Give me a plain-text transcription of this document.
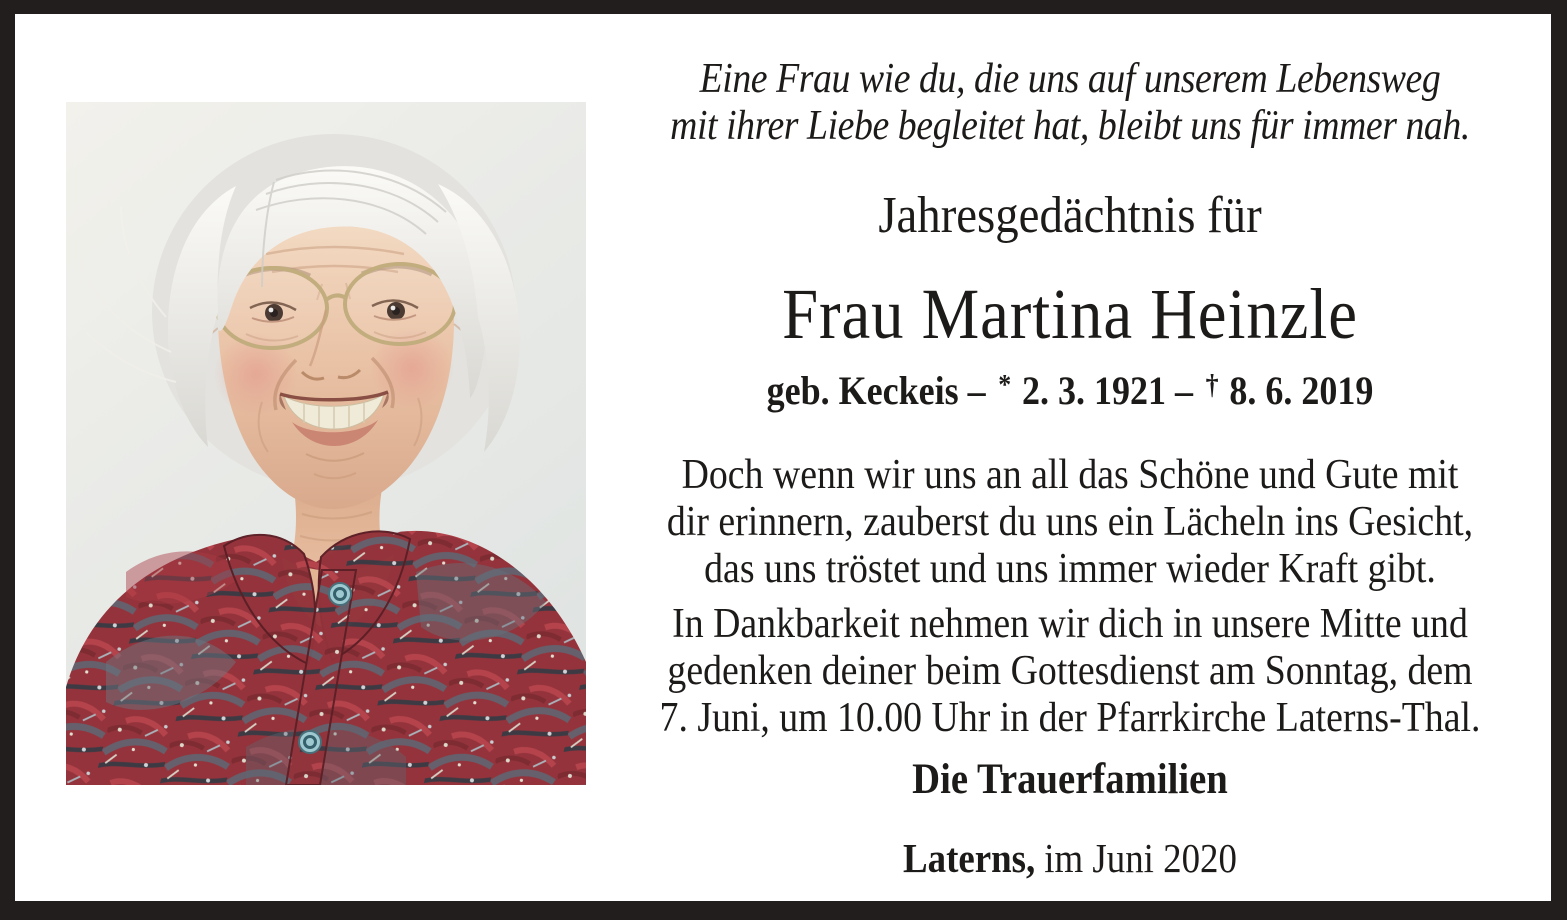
Eine Frau wie du, die uns auf unserem Lebensweg
mit ihrer Liebe begleitet hat, bleibt uns für immer nah.
Jahresgedächtnis für
Frau Martina Heinzle
geb. Keckeis – * 2. 3. 1921 – † 8. 6. 2019

Doch wenn wir uns an all das Schöne und Gute mit
dir erinnern, zauberst du uns ein Lächeln ins Gesicht,
das uns tröstet und uns immer wieder Kraft gibt.

In Dankbarkeit nehmen wir dich in unsere Mitte und
gedenken deiner beim Gottesdienst am Sonntag, dem
7. Juni, um 10.00 Uhr in der Pfarrkirche Laterns-Thal.

Die Trauerfamilien
Laterns, im Juni 2020
